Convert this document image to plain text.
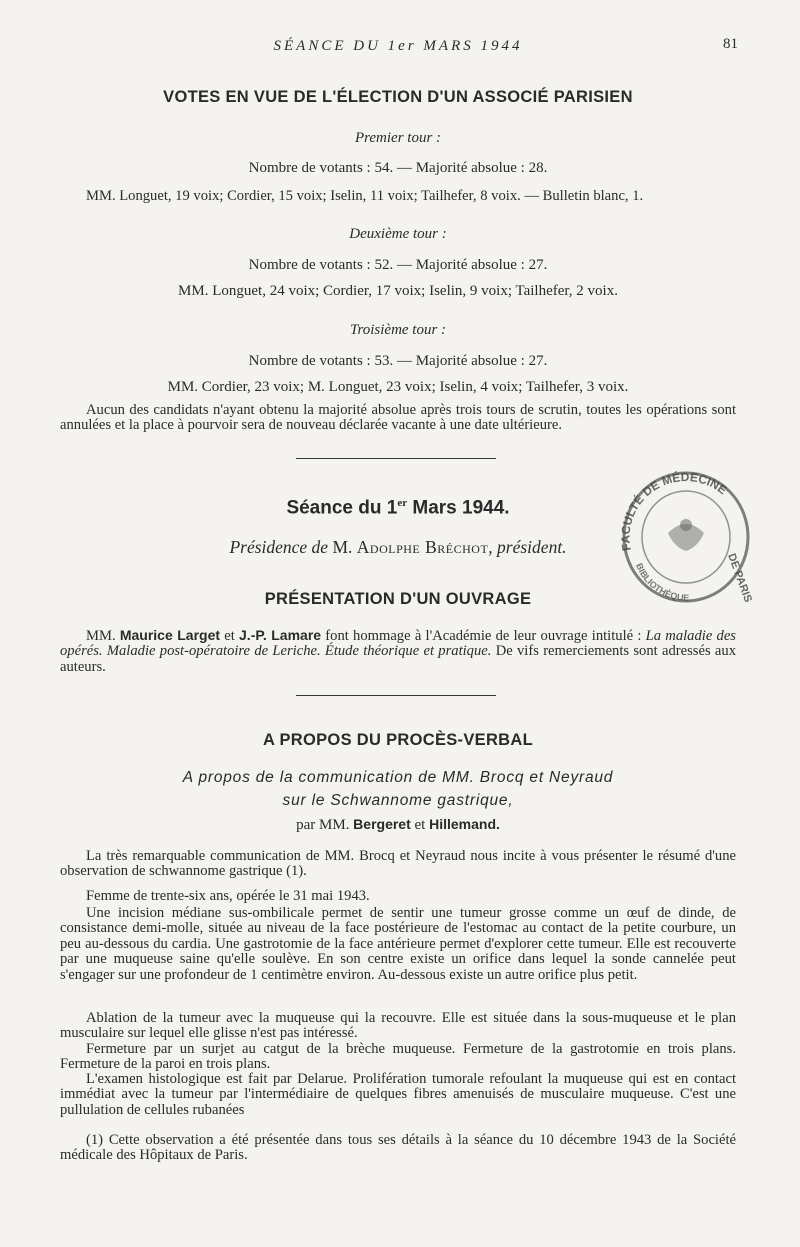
SÉANCE DU 1er MARS 1944	81
VOTES EN VUE DE L'ÉLECTION D'UN ASSOCIÉ PARISIEN
Premier tour :
Nombre de votants : 54. — Majorité absolue : 28.

MM. Longuet, 19 voix; Cordier, 15 voix; Iselin, 11 voix; Tailhefer, 8 voix. — Bulletin blanc, 1.

Deuxième tour :
Nombre de votants : 52. — Majorité absolue : 27.
MM. Longuet, 24 voix; Cordier, 17 voix; Iselin, 9 voix; Tailhefer, 2 voix.
Troisième tour :
Nombre de votants : 53. — Majorité absolue : 27.
MM. Cordier, 23 voix; M. Longuet, 23 voix; Iselin, 4 voix; Tailhefer, 3 voix.

Aucun des candidats n'ayant obtenu la majorité absolue après trois tours de scrutin, toutes les opérations sont annulées et la place à pourvoir sera de nouveau déclarée vacante à une date ultérieure.

Séance du 1er Mars 1944.
Présidence de M. Adolphe Bréchot, président.
PRÉSENTATION D'UN OUVRAGE

MM. Maurice Larget et J.-P. Lamare font hommage à l'Académie de leur ouvrage intitulé : La maladie des opérés. Maladie post-opératoire de Leriche. Étude théorique et pratique. De vifs remerciements sont adressés aux auteurs.

A PROPOS DU PROCÈS-VERBAL
A propos de la communication de MM. Brocq et Neyraud
sur le Schwannome gastrique,
par MM. Bergeret et Hillemand.

La très remarquable communication de MM. Brocq et Neyraud nous incite à vous présenter le résumé d'une observation de schwannome gastrique (1).

Femme de trente-six ans, opérée le 31 mai 1943.

Une incision médiane sus-ombilicale permet de sentir une tumeur grosse comme un œuf de dinde, de consistance demi-molle, située au niveau de la face postérieure de l'estomac au contact de la petite courbure, un peu au-dessous du cardia. Une gastrotomie de la face antérieure permet d'explorer cette tumeur. Elle est recouverte par une muqueuse saine qu'elle soulève. En son centre existe un orifice dans lequel la sonde cannelée peut s'engager sur une profondeur de 1 centimètre environ. Au-dessous existe un autre orifice plus petit.

Ablation de la tumeur avec la muqueuse qui la recouvre. Elle est située dans la sous-muqueuse et le plan musculaire sur lequel elle glisse n'est pas intéressé.

Fermeture par un surjet au catgut de la brèche muqueuse. Fermeture de la gastrotomie en trois plans. Fermeture de la paroi en trois plans.

L'examen histologique est fait par Delarue. Prolifération tumorale refoulant la muqueuse qui est en contact immédiat avec la tumeur par l'intermédiaire de quelques fibres amenuisés de musculaire muqueuse. C'est une pullulation de cellules rubanées

(1) Cette observation a été présentée dans tous ses détails à la séance du 10 décembre 1943 de la Société médicale des Hôpitaux de Paris.

FACULTÉ DE MÉDECINE
DE PARIS
BIBLIOTHÈQUE
